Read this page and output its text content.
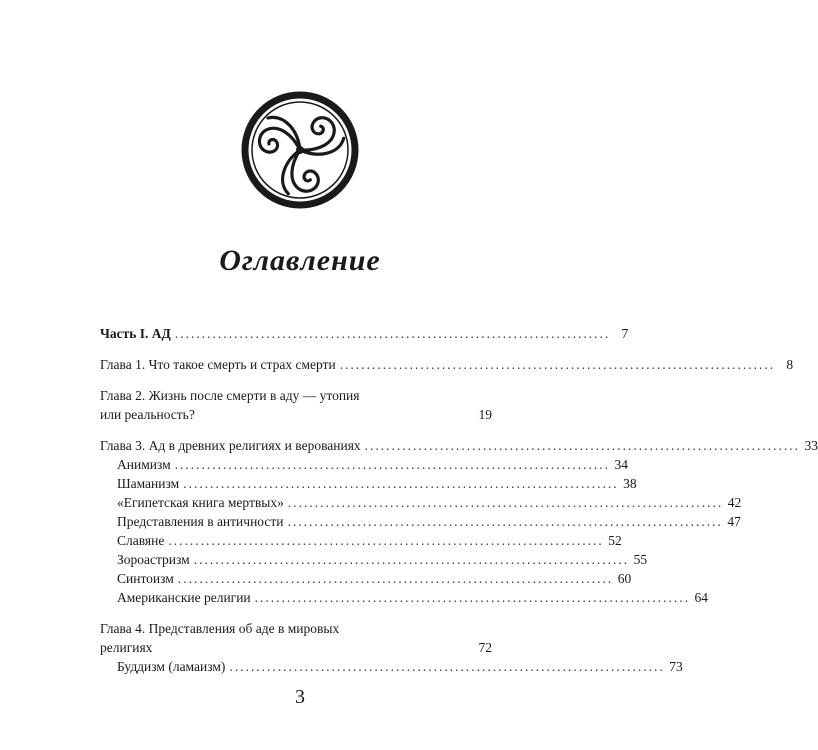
Оглавление
Часть I. АД ................................................................................. 7
Глава 1. Что такое смерть и страх смерти ................................................................................. 8
Глава 2. Жизнь после смерти в аду — утопия
или реальность?	19
Глава 3. Ад в древних религиях и верованиях ................................................................................. 33
Анимизм ................................................................................. 34
Шаманизм ................................................................................. 38
«Египетская книга мертвых» ................................................................................. 42
Представления в античности ................................................................................. 47
Славяне ................................................................................. 52
Зороастризм ................................................................................. 55
Синтоизм ................................................................................. 60
Американские религии ................................................................................. 64
Глава 4. Представления об аде в мировых
религиях	72
Буддизм (ламаизм) ................................................................................. 73
3
